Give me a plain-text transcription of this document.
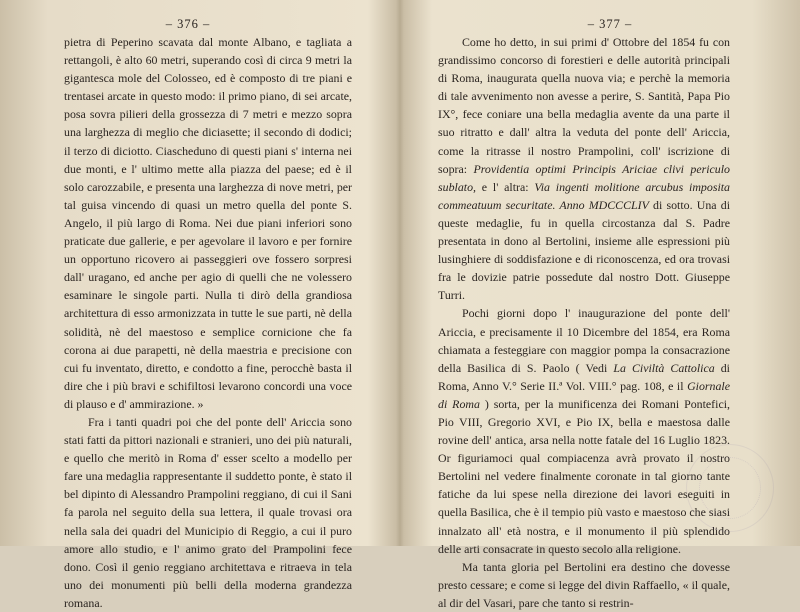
– 376 –

pietra di Peperino scavata dal monte Albano, e tagliata a rettangoli, è alto 60 metri, superando così di circa 9 metri la gigantesca mole del Colosseo, ed è composto di tre piani e trentasei arcate in questo modo: il primo piano, di sei arcate, posa sovra pilieri della grossezza di 7 metri e mezzo sopra una larghezza di meglio che diciasette; il secondo di dodici; il terzo di diciotto. Ciascheduno di questi piani s' interna nei due monti, e l' ultimo mette alla piazza del paese; ed è il solo carozzabile, e presenta una larghezza di nove metri, per tal guisa vincendo di quasi un metro quella del ponte S. Angelo, il più largo di Roma. Nei due piani inferiori sono praticate due gallerie, e per agevolare il lavoro e per fornire un opportuno ricovero ai passeggieri ove fossero sorpresi dall' uragano, ed anche per agio di quelli che ne volessero esaminare le singole parti. Nulla ti dirò della grandiosa architettura di esso armonizzata in tutte le sue parti, nè della solidità, nè del maestoso e semplice cornicione che fa corona ai due parapetti, nè della maestria e precisione con cui fu inventato, diretto, e condotto a fine, perocchè basta il dire che i più bravi e schifiltosi levarono concordi una voce di plauso e d' ammirazione. »

Fra i tanti quadri poi che del ponte dell' Ariccia sono stati fatti da pittori nazionali e stranieri, uno dei più naturali, e quello che meritò in Roma d' esser scelto a modello per fare una medaglia rappresentante il suddetto ponte, è stato il bel dipinto di Alessandro Prampolini reggiano, di cui il Sani fa parola nel seguito della sua lettera, il quale trovasi ora nella sala dei quadri del Municipio di Reggio, a cui il puro amore allo studio, e l' animo grato del Prampolini fece dono. Così il genio reggiano architettava e ritraeva in tela uno dei monumenti più belli della moderna grandezza romana.

– 377 –

Come ho detto, in sui primi d' Ottobre del 1854 fu con grandissimo concorso di forestieri e delle autorità principali di Roma, inaugurata quella nuova via; e perchè la memoria di tale avvenimento non avesse a perire, S. Santità, Papa Pio IX°, fece coniare una bella medaglia avente da una parte il suo ritratto e dall' altra la veduta del ponte dell' Ariccia, come la ritrasse il nostro Prampolini, coll' iscrizione di sopra: Providentia optimi Principis Ariciae clivi periculo sublato, e l' altra: Via ingenti molitione arcubus imposita commeatuum securitate. Anno MDCCCLIV di sotto. Una di queste medaglie, fu in quella circostanza dal S. Padre presentata in dono al Bertolini, insieme alle espressioni più lusinghiere di soddisfazione e di riconoscenza, ed ora trovasi fra le dovizie patrie possedute dal nostro Dott. Giuseppe Turri.

Pochi giorni dopo l' inaugurazione del ponte dell' Ariccia, e precisamente il 10 Dicembre del 1854, era Roma chiamata a festeggiare con maggior pompa la consacrazione della Basilica di S. Paolo ( Vedi La Civiltà Cattolica di Roma, Anno V.° Serie II.ª Vol. VIII.° pag. 108, e il Giornale di Roma ) sorta, per la munificenza dei Romani Pontefici, Pio VIII, Gregorio XVI, e Pio IX, bella e maestosa dalle rovine dell' antica, arsa nella notte fatale del 16 Luglio 1823. Or figuriamoci qual compiacenza avrà provato il nostro Bertolini nel vedere finalmente coronate in tal giorno tante fatiche da lui spese nella direzione dei lavori eseguiti in quella Basilica, che è il tempio più vasto e maestoso che siasi innalzato all' età nostra, e il monumento il più splendido delle arti consacrate in questo secolo alla religione.

Ma tanta gloria pel Bertolini era destino che dovesse presto cessare; e come si legge del divin Raffaello, « il quale, al dir del Vasari, pare che tanto si restrin-
